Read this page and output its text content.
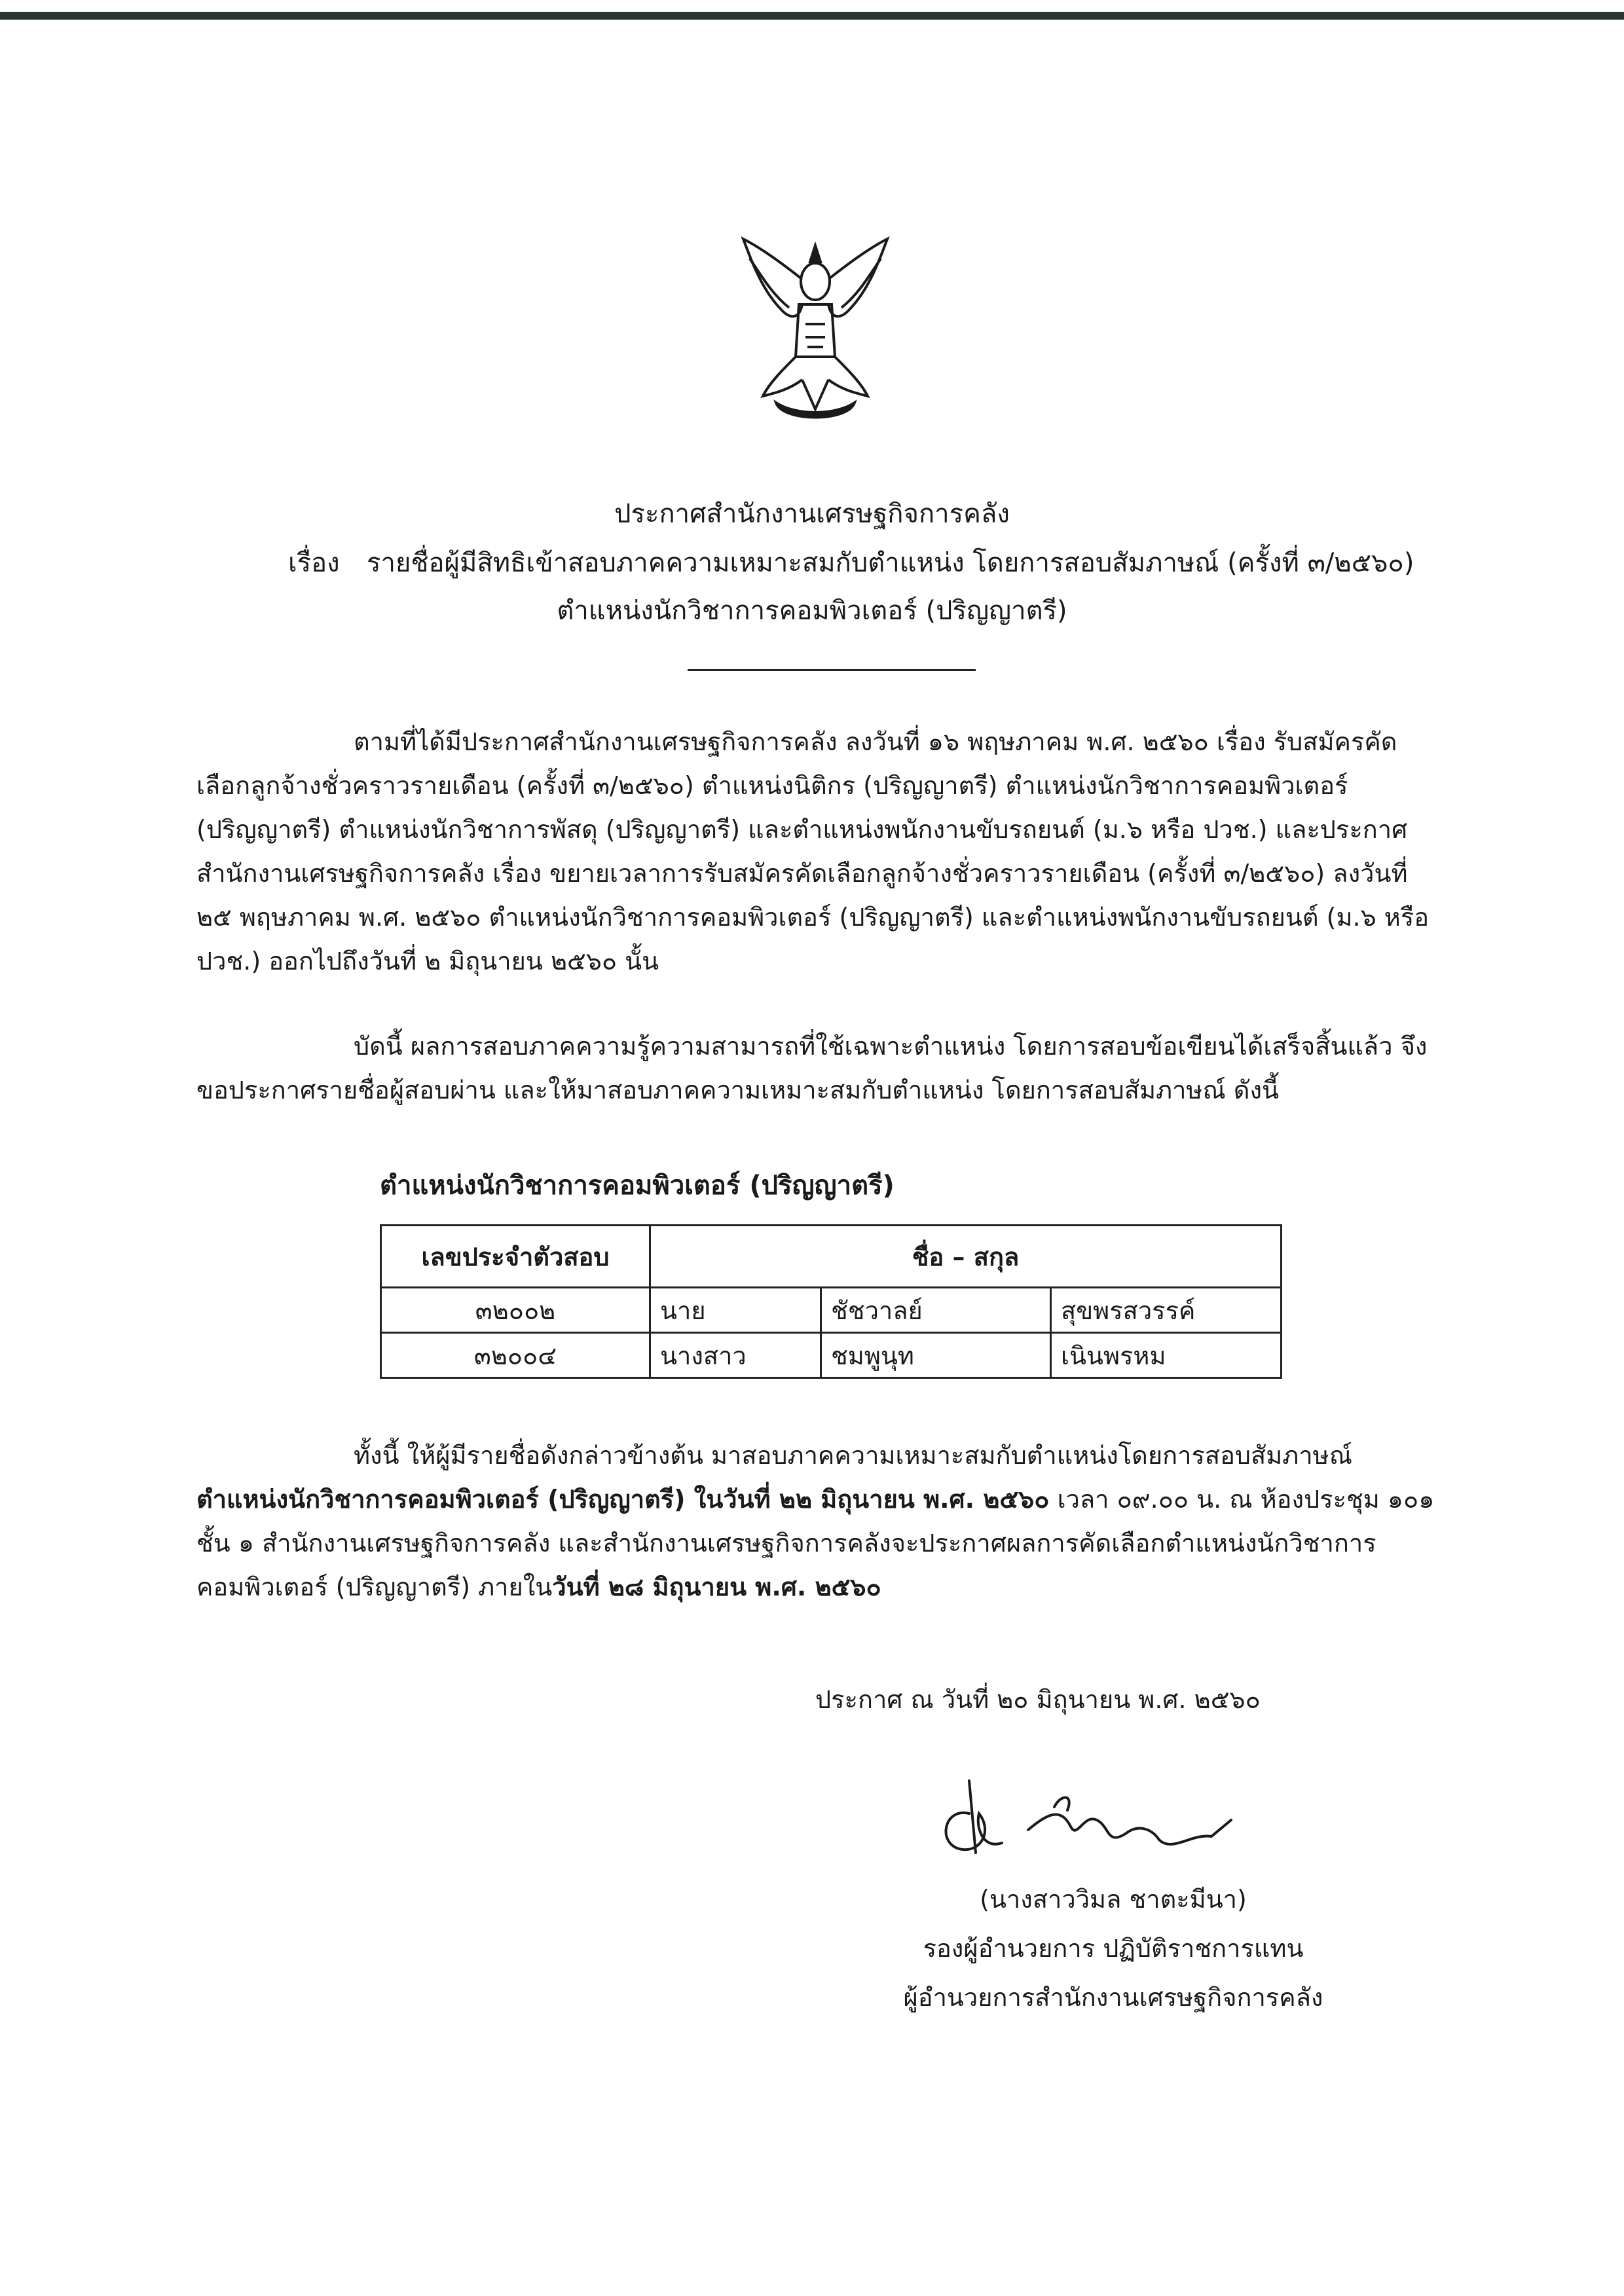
ประกาศสำนักงานเศรษฐกิจการคลัง
เรื่อง รายชื่อผู้มีสิทธิเข้าสอบภาคความเหมาะสมกับตำแหน่ง โดยการสอบสัมภาษณ์ (ครั้งที่ ๓/๒๕๖๐)
ตำแหน่งนักวิชาการคอมพิวเตอร์ (ปริญญาตรี)

ตามที่ได้มีประกาศสำนักงานเศรษฐกิจการคลัง ลงวันที่ ๑๖ พฤษภาคม พ.ศ. ๒๕๖๐ เรื่อง รับสมัครคัดเลือกลูกจ้างชั่วคราวรายเดือน (ครั้งที่ ๓/๒๕๖๐) ตำแหน่งนิติกร (ปริญญาตรี) ตำแหน่งนักวิชาการคอมพิวเตอร์ (ปริญญาตรี) ตำแหน่งนักวิชาการพัสดุ (ปริญญาตรี) และตำแหน่งพนักงานขับรถยนต์ (ม.๖ หรือ ปวช.) และประกาศสำนักงานเศรษฐกิจการคลัง เรื่อง ขยายเวลาการรับสมัครคัดเลือกลูกจ้างชั่วคราวรายเดือน (ครั้งที่ ๓/๒๕๖๐) ลงวันที่ ๒๕ พฤษภาคม พ.ศ. ๒๕๖๐ ตำแหน่งนักวิชาการคอมพิวเตอร์ (ปริญญาตรี) และตำแหน่งพนักงานขับรถยนต์ (ม.๖ หรือ ปวช.) ออกไปถึงวันที่ ๒ มิถุนายน ๒๕๖๐ นั้น

บัดนี้ ผลการสอบภาคความรู้ความสามารถที่ใช้เฉพาะตำแหน่ง โดยการสอบข้อเขียนได้เสร็จสิ้นแล้ว จึงขอประกาศรายชื่อผู้สอบผ่าน และให้มาสอบภาคความเหมาะสมกับตำแหน่ง โดยการสอบสัมภาษณ์ ดังนี้

ตำแหน่งนักวิชาการคอมพิวเตอร์ (ปริญญาตรี)
เลขประจำตัวสอบ	ชื่อ – สกุล		
๓๒๐๐๒	นาย	ชัชวาลย์	สุขพรสวรรค์
๓๒๐๐๔	นางสาว	ชมพูนุท	เนินพรหม

ทั้งนี้ ให้ผู้มีรายชื่อดังกล่าวข้างต้น มาสอบภาคความเหมาะสมกับตำแหน่งโดยการสอบสัมภาษณ์ ตำแหน่งนักวิชาการคอมพิวเตอร์ (ปริญญาตรี) ในวันที่ ๒๒ มิถุนายน พ.ศ. ๒๕๖๐ เวลา ๐๙.๐๐ น. ณ ห้องประชุม ๑๐๑ ชั้น ๑ สำนักงานเศรษฐกิจการคลัง และสำนักงานเศรษฐกิจการคลังจะประกาศผลการคัดเลือกตำแหน่งนักวิชาการคอมพิวเตอร์ (ปริญญาตรี) ภายในวันที่ ๒๘ มิถุนายน พ.ศ. ๒๕๖๐

ประกาศ ณ วันที่ ๒๐ มิถุนายน พ.ศ. ๒๕๖๐
(นางสาววิมล ชาตะมีนา)
รองผู้อำนวยการ ปฏิบัติราชการแทน
ผู้อำนวยการสำนักงานเศรษฐกิจการคลัง
